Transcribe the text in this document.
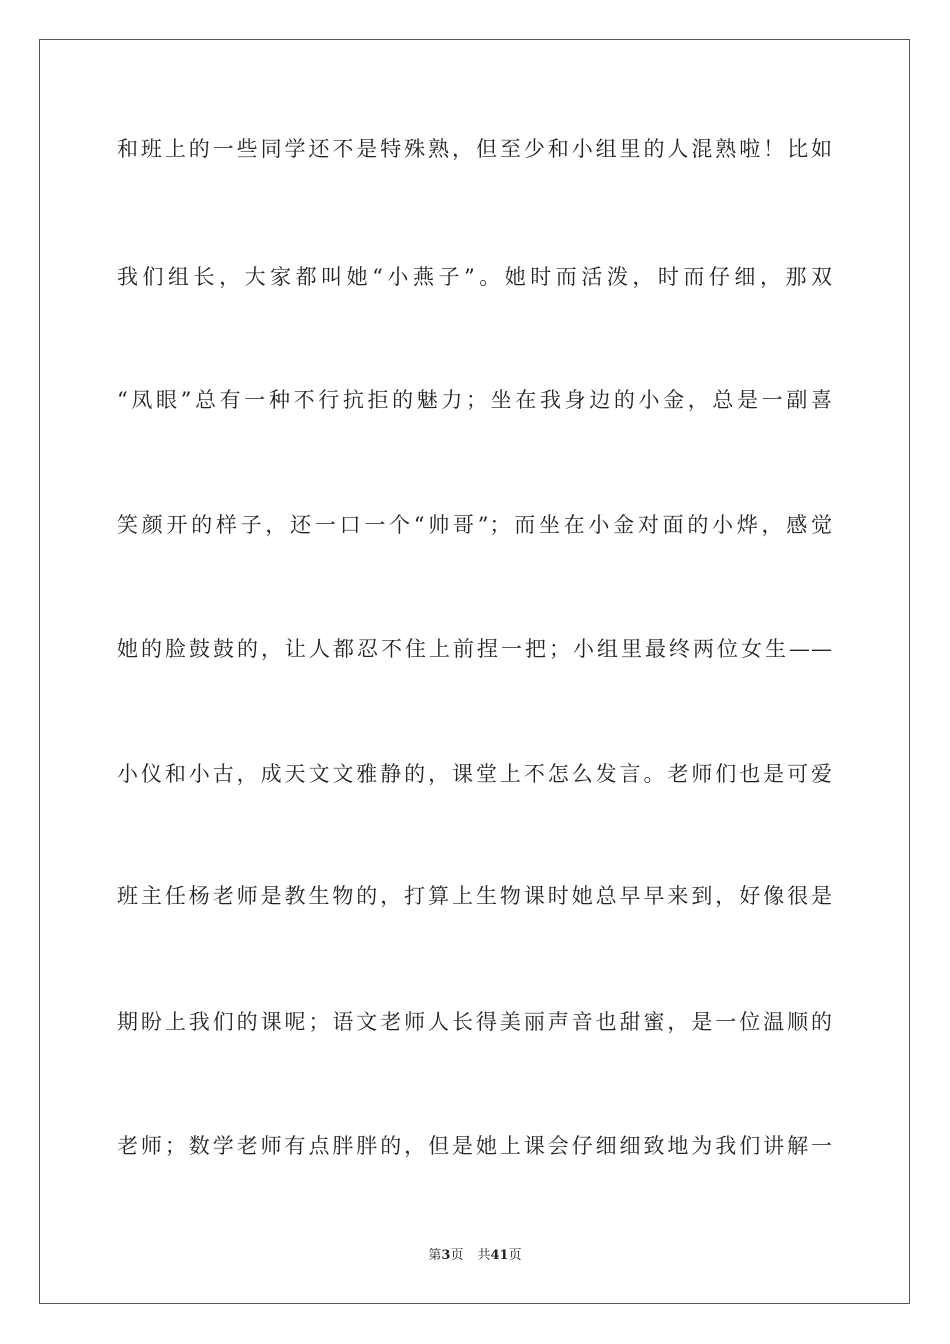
和班上的一些同学还不是特殊熟，但至少和小组里的人混熟啦！比如
我们组长，大家都叫她“小燕子”。她时而活泼，时而仔细，那双
“凤眼”总有一种不行抗拒的魅力；坐在我身边的小金，总是一副喜
笑颜开的样子，还一口一个“帅哥”；而坐在小金对面的小烨，感觉
她的脸鼓鼓的，让人都忍不住上前捏一把；小组里最终两位女生——
小仪和小古，成天文文雅静的，课堂上不怎么发言。老师们也是可爱
班主任杨老师是教生物的，打算上生物课时她总早早来到，好像很是
期盼上我们的课呢；语文老师人长得美丽声音也甜蜜，是一位温顺的
老师；数学老师有点胖胖的，但是她上课会仔细细致地为我们讲解一
第3页 共41页
